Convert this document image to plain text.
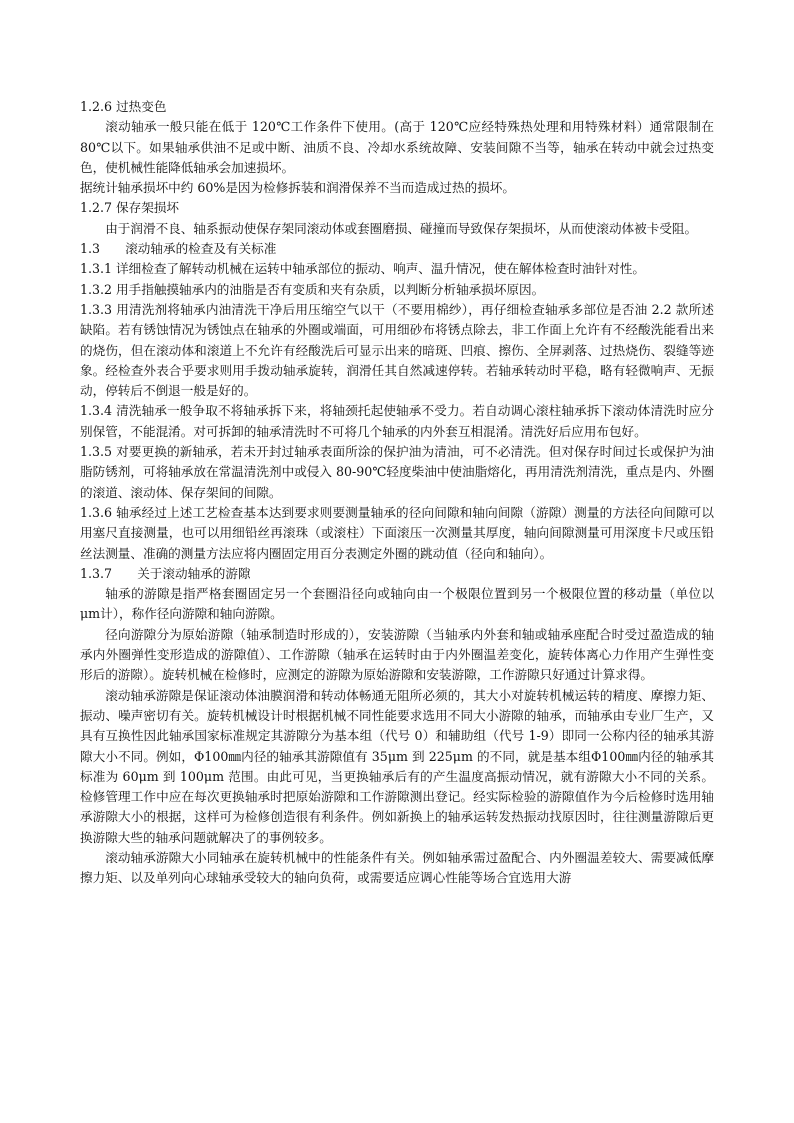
1.2.6 过热变色

滚动轴承一般只能在低于 120℃工作条件下使用。(高于 120℃应经特殊热处理和用特殊材料）通常限制在 80℃以下。如果轴承供油不足或中断、油质不良、冷却水系统故障、安装间隙不当等，轴承在转动中就会过热变色，使机械性能降低轴承会加速损坏。

据统计轴承损坏中约 60%是因为检修拆装和润滑保养不当而造成过热的损坏。

1.2.7 保存架损坏

由于润滑不良、轴系振动使保存架同滚动体或套圈磨损、碰撞而导致保存架损坏，从而使滚动体被卡受阻。

1.3　　滚动轴承的检查及有关标准

1.3.1 详细检查了解转动机械在运转中轴承部位的振动、响声、温升情况，使在解体检查时油针对性。

1.3.2 用手指触摸轴承内的油脂是否有变质和夹有杂质，以判断分析轴承损坏原因。

1.3.3 用清洗剂将轴承内油清洗干净后用压缩空气以干（不要用棉纱），再仔细检查轴承多部位是否油 2.2 款所述缺陷。若有锈蚀情况为锈蚀点在轴承的外圈或端面，可用细砂布将锈点除去，非工作面上允许有不经酸洗能看出来的烧伤，但在滚动体和滚道上不允许有经酸洗后可显示出来的暗斑、凹痕、擦伤、全屏剥落、过热烧伤、裂缝等迹象。经检查外表合乎要求则用手拨动轴承旋转，润滑任其自然减速停转。若轴承转动时平稳，略有轻微响声、无振动，停转后不倒退一般是好的。

1.3.4 清洗轴承一般争取不将轴承拆下来，将轴颈托起使轴承不受力。若自动调心滚柱轴承拆下滚动体清洗时应分别保管，不能混淆。对可拆卸的轴承清洗时不可将几个轴承的内外套互相混淆。清洗好后应用布包好。

1.3.5 对要更换的新轴承，若未开封过轴承表面所涂的保护油为清油，可不必清洗。但对保存时间过长或保护为油脂防锈剂，可将轴承放在常温清洗剂中或侵入 80-90℃轻度柴油中使油脂熔化，再用清洗剂清洗，重点是内、外圈的滚道、滚动体、保存架间的间隙。

1.3.6 轴承经过上述工艺检查基本达到要求则要测量轴承的径向间隙和轴向间隙（游隙）测量的方法径向间隙可以用塞尺直接测量，也可以用细铅丝再滚珠（或滚柱）下面滚压一次测量其厚度，轴向间隙测量可用深度卡尺或压铅丝法测量、准确的测量方法应将内圈固定用百分表测定外圈的跳动值（径向和轴向）。

1.3.7　　关于滚动轴承的游隙

轴承的游隙是指严格套圈固定另一个套圈沿径向或轴向由一个极限位置到另一个极限位置的移动量（单位以μm计），称作径向游隙和轴向游隙。

径向游隙分为原始游隙（轴承制造时形成的），安装游隙（当轴承内外套和轴或轴承座配合时受过盈造成的轴承内外圈弹性变形造成的游隙值）、工作游隙（轴承在运转时由于内外圈温差变化，旋转体离心力作用产生弹性变形后的游隙）。旋转机械在检修时，应测定的游隙为原始游隙和安装游隙，工作游隙只好通过计算求得。

滚动轴承游隙是保证滚动体油膜润滑和转动体畅通无阻所必须的，其大小对旋转机械运转的精度、摩擦力矩、振动、噪声密切有关。旋转机械设计时根据机械不同性能要求选用不同大小游隙的轴承，而轴承由专业厂生产，又具有互换性因此轴承国家标准规定其游隙分为基本组（代号 0）和辅助组（代号 1-9）即同一公称内径的轴承其游隙大小不同。例如，Φ100㎜内径的轴承其游隙值有 35μm 到 225μm 的不同，就是基本组Φ100㎜内径的轴承其标准为 60μm 到 100μm 范围。由此可见，当更换轴承后有的产生温度高振动情况，就有游隙大小不同的关系。检修管理工作中应在每次更换轴承时把原始游隙和工作游隙测出登记。经实际检验的游隙值作为今后检修时选用轴承游隙大小的根据，这样可为检修创造很有利条件。例如新换上的轴承运转发热振动找原因时，往往测量游隙后更换游隙大些的轴承问题就解决了的事例较多。

滚动轴承游隙大小同轴承在旋转机械中的性能条件有关。例如轴承需过盈配合、内外圈温差较大、需要减低摩擦力矩、以及单列向心球轴承受较大的轴向负荷，或需要适应调心性能等场合宜选用大游
